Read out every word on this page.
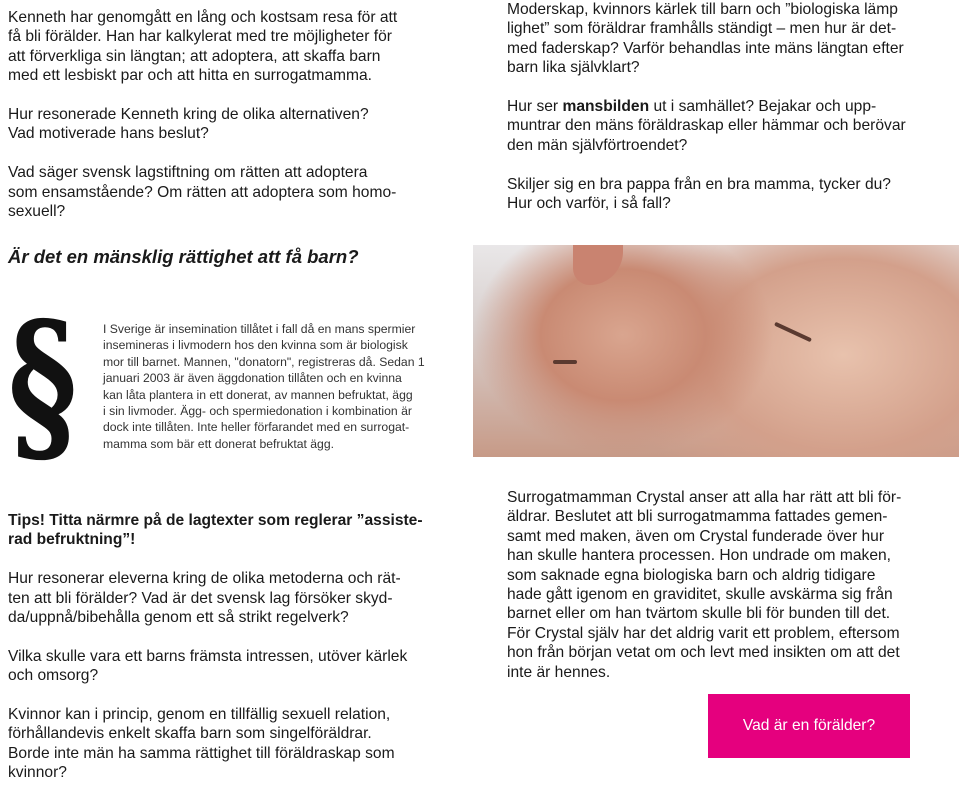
Kenneth har genomgått en lång och kostsam resa för att
få bli förälder. Han har kalkylerat med tre möjligheter för
att förverkliga sin längtan; att adoptera, att skaffa barn
med ett lesbiskt par och att hitta en surrogatmamma.
Hur resonerade Kenneth kring de olika alternativen?
Vad motiverade hans beslut?
Vad säger svensk lagstiftning om rätten att adoptera
som ensamstående? Om rätten att adoptera som homo-
sexuell?
Är det en mänsklig rättighet att få barn?
§ I Sverige är insemination tillåtet i fall då en mans spermier
insemineras i livmodern hos den kvinna som är biologisk
mor till barnet. Mannen, "donatorn", registreras då. Sedan 1
januari 2003 är även äggdonation tillåten och en kvinna
kan låta plantera in ett donerat, av mannen befruktat, ägg
i sin livmoder. Ägg- och spermiedonation i kombination är
dock inte tillåten. Inte heller förfarandet med en surrogat-
mamma som bär ett donerat befruktat ägg.
Moderskap, kvinnors kärlek till barn och ”biologiska lämp
lighet” som föräldrar framhålls ständigt – men hur är det-
med faderskap? Varför behandlas inte mäns längtan efter
barn lika självklart?
Hur ser mansbilden ut i samhället? Bejakar och upp-
muntrar den mäns föräldraskap eller hämmar och berövar
den män självförtroendet?
Skiljer sig en bra pappa från en bra mamma, tycker du?
Hur och varför, i så fall?
Tips! Titta närmre på de lagtexter som reglerar ”assiste-
rad befruktning”!
Hur resonerar eleverna kring de olika metoderna och rät-
ten att bli förälder? Vad är det svensk lag försöker skyd-
da/uppnå/bibehålla genom ett så strikt regelverk?
Vilka skulle vara ett barns främsta intressen, utöver kärlek
och omsorg?
Kvinnor kan i princip, genom en tillfällig sexuell relation,
förhållandevis enkelt skaffa barn som singelföräldrar.
Borde inte män ha samma rättighet till föräldraskap som
kvinnor?
Surrogatmamman Crystal anser att alla har rätt att bli för-
äldrar. Beslutet att bli surrogatmamma fattades gemen-
samt med maken, även om Crystal funderade över hur
han skulle hantera processen. Hon undrade om maken,
som saknade egna biologiska barn och aldrig tidigare
hade gått igenom en graviditet, skulle avskärma sig från
barnet eller om han tvärtom skulle bli för bunden till det.
För Crystal själv har det aldrig varit ett problem, eftersom
hon från början vetat om och levt med insikten om att det
inte är hennes.
Vad är en förälder?
